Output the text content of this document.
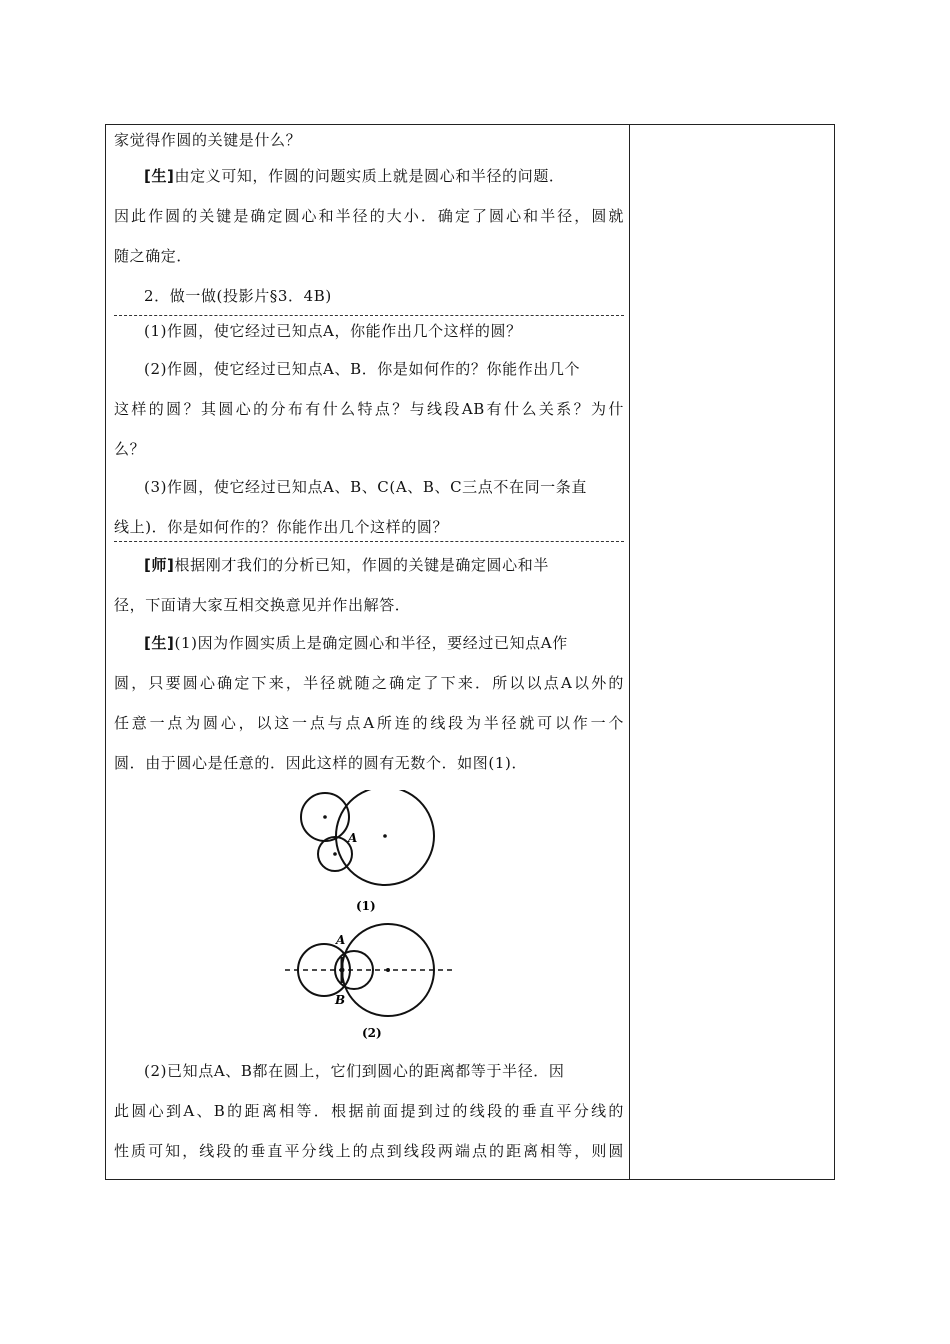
家觉得作圆的关键是什么？
[生]由定义可知，作圆的问题实质上就是圆心和半径的问题．
因此作圆的关键是确定圆心和半径的大小．确定了圆心和半径，圆就
随之确定．
2．做一做(投影片§3．4B)
(1)作圆，使它经过已知点A，你能作出几个这样的圆？
(2)作圆，使它经过已知点A、B．你是如何作的？你能作出几个
这样的圆？其圆心的分布有什么特点？与线段AB有什么关系？为什
么？
(3)作圆，使它经过已知点A、B、C(A、B、C三点不在同一条直
线上)．你是如何作的？你能作出几个这样的圆？
[师]根据刚才我们的分析已知，作圆的关键是确定圆心和半
径，下面请大家互相交换意见并作出解答．
[生](1)因为作圆实质上是确定圆心和半径，要经过已知点A作
圆，只要圆心确定下来，半径就随之确定了下来．所以以点A以外的
任意一点为圆心，以这一点与点A所连的线段为半径就可以作一个
圆．由于圆心是任意的．因此这样的圆有无数个．如图(1)．
(2)已知点A、B都在圆上，它们到圆心的距离都等于半径．因
此圆心到A、B的距离相等．根据前面提到过的线段的垂直平分线的
性质可知，线段的垂直平分线上的点到线段两端点的距离相等，则圆
A
(1)
A
B
(2)
